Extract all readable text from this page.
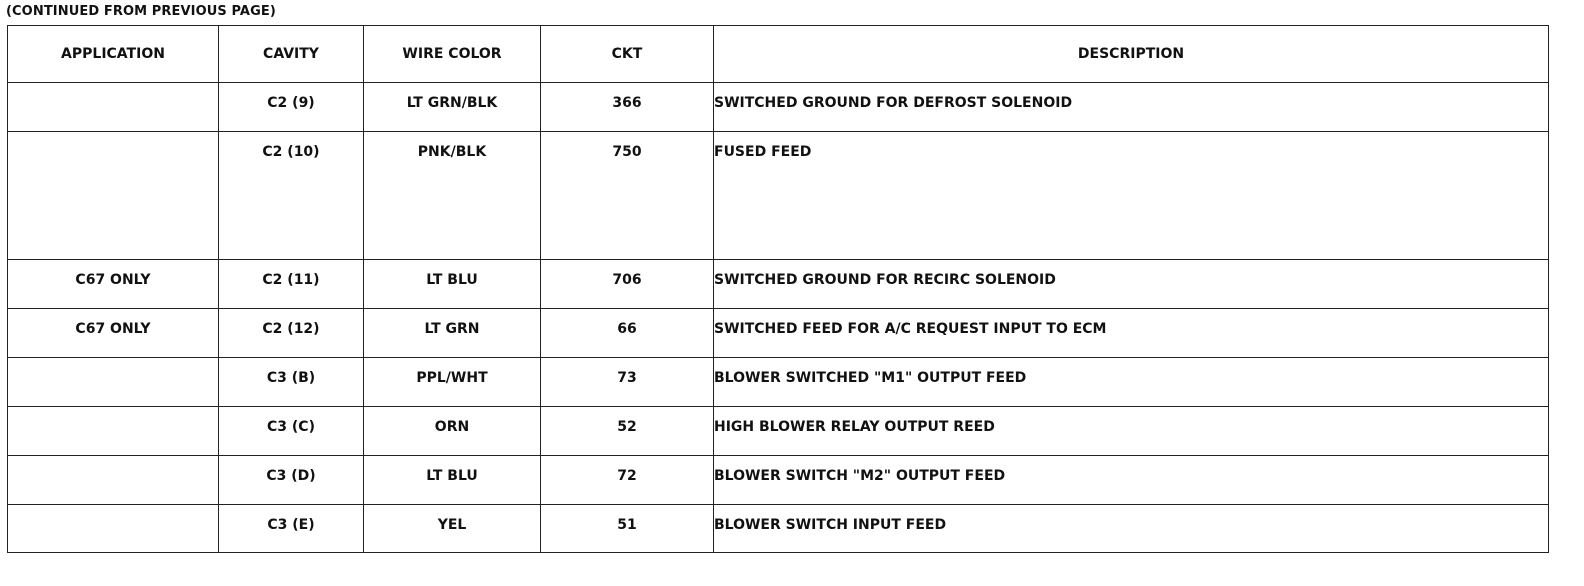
(CONTINUED FROM PREVIOUS PAGE)
APPLICATION	CAVITY	WIRE COLOR	CKT	DESCRIPTION
	C2 (9)	LT GRN/BLK	366	SWITCHED GROUND FOR DEFROST SOLENOID
	C2 (10)	PNK/BLK	750	FUSED FEED
C67 ONLY	C2 (11)	LT BLU	706	SWITCHED GROUND FOR RECIRC SOLENOID
C67 ONLY	C2 (12)	LT GRN	66	SWITCHED FEED FOR A/C REQUEST INPUT TO ECM
	C3 (B)	PPL/WHT	73	BLOWER SWITCHED "M1" OUTPUT FEED
	C3 (C)	ORN	52	HIGH BLOWER RELAY OUTPUT REED
	C3 (D)	LT BLU	72	BLOWER SWITCH "M2" OUTPUT FEED
	C3 (E)	YEL	51	BLOWER SWITCH INPUT FEED
